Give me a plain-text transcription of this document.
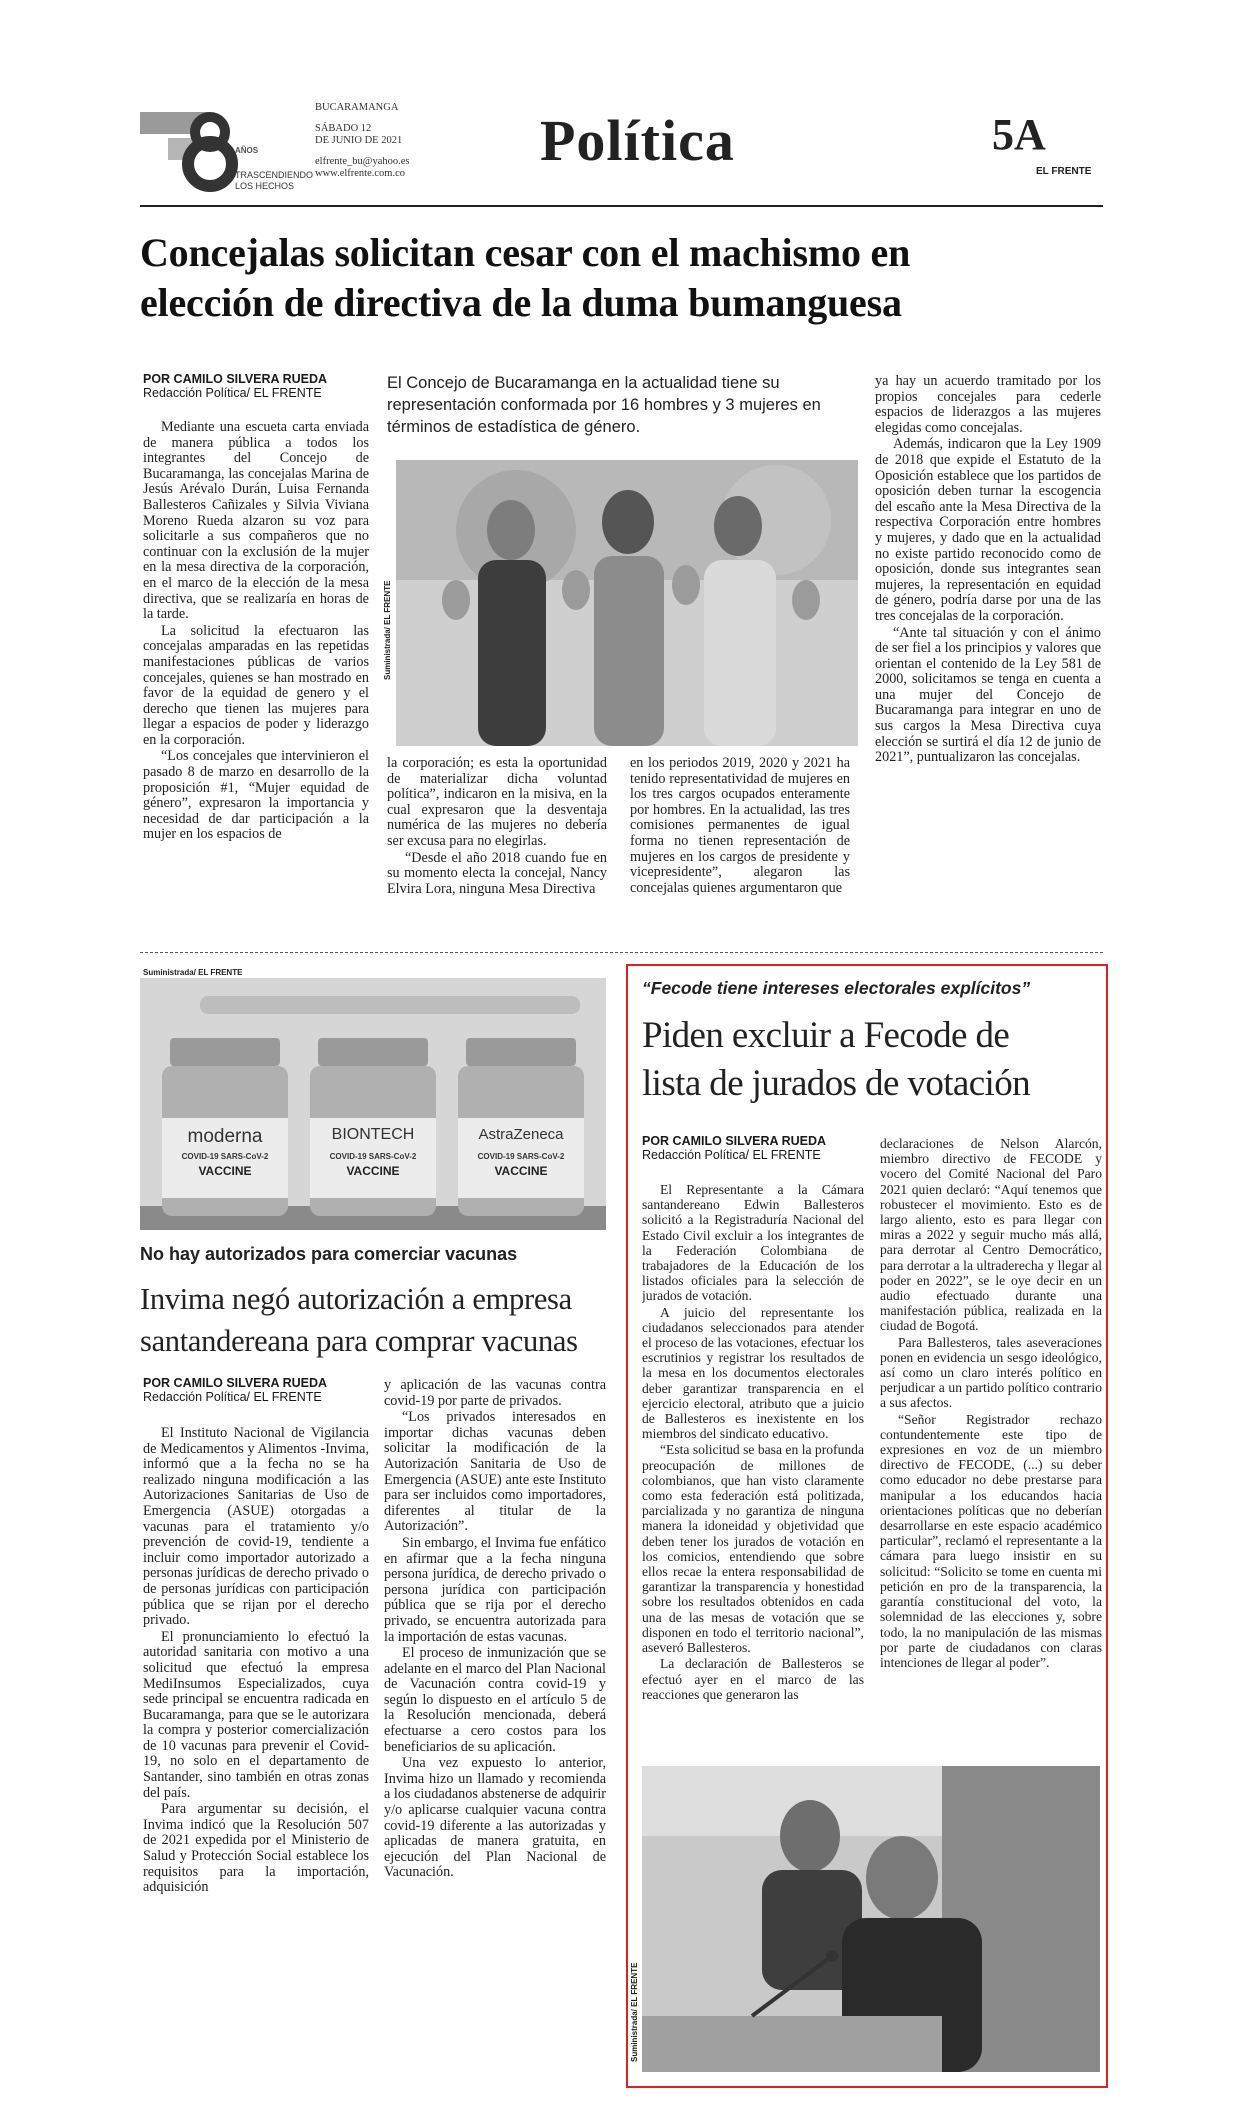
AÑOS
TRASCENDIENDO
LOS HECHOS
BUCARAMANGA
SÁBADO 12
DE JUNIO DE 2021
elfrente_bu@yahoo.es
www.elfrente.com.co
Política	5A
EL FRENTE
Concejalas solicitan cesar con el machismo en
elección de directiva de la duma bumanguesa
POR CAMILO SILVERA RUEDA
Redacción Política/ EL FRENTE

Mediante una escueta carta enviada de manera pública a todos los integrantes del Concejo de Bucaramanga, las concejalas Marina de Jesús Arévalo Durán, Luisa Fernanda Ballesteros Cañizales y Silvia Viviana Moreno Rueda alzaron su voz para solicitarle a sus compañeros que no continuar con la exclusión de la mujer en la mesa directiva de la corporación, en el marco de la elección de la mesa directiva, que se realizaría en horas de la tarde.

La solicitud la efectuaron las concejalas amparadas en las repetidas manifestaciones públicas de varios concejales, quienes se han mostrado en favor de la equidad de genero y el derecho que tienen las mujeres para llegar a espacios de poder y liderazgo en la corporación.

“Los concejales que intervinieron el pasado 8 de marzo en desarrollo de la proposición #1, “Mujer equidad de género”, expresaron la importancia y necesidad de dar participación a la mujer en los espacios de

El Concejo de Bucaramanga en la actualidad tiene su representación conformada por 16 hombres y 3 mujeres en términos de estadística de género.
Suministrada/ EL FRENTE

la corporación; es esta la oportunidad de materializar dicha voluntad política”, indicaron en la misiva, en la cual expresaron que la desventaja numérica de las mujeres no debería ser excusa para no elegirlas.

“Desde el año 2018 cuando fue en su momento electa la concejal, Nancy Elvira Lora, ninguna Mesa Directiva

en los periodos 2019, 2020 y 2021 ha tenido representatividad de mujeres en los tres cargos ocupados enteramente por hombres. En la actualidad, las tres comisiones permanentes de igual forma no tienen representación de mujeres en los cargos de presidente y vicepresidente”, alegaron las concejalas quienes argumentaron que

ya hay un acuerdo tramitado por los propios concejales para cederle espacios de liderazgos a las mujeres elegidas como concejalas.

Además, indicaron que la Ley 1909 de 2018 que expide el Estatuto de la Oposición establece que los partidos de oposición deben turnar la escogencia del escaño ante la Mesa Directiva de la respectiva Corporación entre hombres y mujeres, y dado que en la actualidad no existe partido reconocido como de oposición, donde sus integrantes sean mujeres, la representación en equidad de género, podría darse por una de las tres concejalas de la corporación.

“Ante tal situación y con el ánimo de ser fiel a los principios y valores que orientan el contenido de la Ley 581 de 2000, solicitamos se tenga en cuenta a una mujer del Concejo de Bucaramanga para integrar en uno de sus cargos la Mesa Directiva cuya elección se surtirá el día 12 de junio de 2021”, puntualizaron las concejalas.

moderna
COVID-19 SARS-CoV-2
VACCINE
BIONTECH
COVID-19 SARS-CoV-2
VACCINE
AstraZeneca
COVID-19 SARS-CoV-2
VACCINE
Suministrada/ EL FRENTE
No hay autorizados para comerciar vacunas
Invima negó autorización a empresa
santandereana para comprar vacunas
POR CAMILO SILVERA RUEDA
Redacción Política/ EL FRENTE

El Instituto Nacional de Vigilancia de Medicamentos y Alimentos -Invima, informó que a la fecha no se ha realizado ninguna modificación a las Autorizaciones Sanitarias de Uso de Emergencia (ASUE) otorgadas a vacunas para el tratamiento y/o prevención de covid-19, tendiente a incluir como importador autorizado a personas jurídicas de derecho privado o de personas jurídicas con participación pública que se rijan por el derecho privado.

El pronunciamiento lo efectuó la autoridad sanitaria con motivo a una solicitud que efectuó la empresa MediInsumos Especializados, cuya sede principal se encuentra radicada en Bucaramanga, para que se le autorizara la compra y posterior comercialización de 10 vacunas para prevenir el Covid-19, no solo en el departamento de Santander, sino también en otras zonas del país.

Para argumentar su decisión, el Invima indicó que la Resolución 507 de 2021 expedida por el Ministerio de Salud y Protección Social establece los requisitos para la importación, adquisición

y aplicación de las vacunas contra covid-19 por parte de privados.

“Los privados interesados en importar dichas vacunas deben solicitar la modificación de la Autorización Sanitaria de Uso de Emergencia (ASUE) ante este Instituto para ser incluidos como importadores, diferentes al titular de la Autorización”.

Sin embargo, el Invima fue enfático en afirmar que a la fecha ninguna persona jurídica, de derecho privado o persona jurídica con participación pública que se rija por el derecho privado, se encuentra autorizada para la importación de estas vacunas.

El proceso de inmunización que se adelante en el marco del Plan Nacional de Vacunación contra covid-19 y según lo dispuesto en el artículo 5 de la Resolución mencionada, deberá efectuarse a cero costos para los beneficiarios de su aplicación.

Una vez expuesto lo anterior, Invima hizo un llamado y recomienda a los ciudadanos abstenerse de adquirir y/o aplicarse cualquier vacuna contra covid-19 diferente a las autorizadas y aplicadas de manera gratuita, en ejecución del Plan Nacional de Vacunación.

“Fecode tiene intereses electorales explícitos”
Piden excluir a Fecode de
lista de jurados de votación
POR CAMILO SILVERA RUEDA
Redacción Política/ EL FRENTE

El Representante a la Cámara santandereano Edwin Ballesteros solicitó a la Registraduría Nacional del Estado Civil excluir a los integrantes de la Federación Colombiana de trabajadores de la Educación de los listados oficiales para la selección de jurados de votación.

A juicio del representante los ciudadanos seleccionados para atender el proceso de las votaciones, efectuar los escrutinios y registrar los resultados de la mesa en los documentos electorales deber garantizar transparencia en el ejercicio electoral, atributo que a juicio de Ballesteros es inexistente en los miembros del sindicato educativo.

“Esta solicitud se basa en la profunda preocupación de millones de colombianos, que han visto claramente como esta federación está politizada, parcializada y no garantiza de ninguna manera la idoneidad y objetividad que deben tener los jurados de votación en los comicios, entendiendo que sobre ellos recae la entera responsabilidad de garantizar la transparencia y honestidad sobre los resultados obtenidos en cada una de las mesas de votación que se disponen en todo el territorio nacional”, aseveró Ballesteros.

La declaración de Ballesteros se efectuó ayer en el marco de las reacciones que generaron las

declaraciones de Nelson Alarcón, miembro directivo de FECODE y vocero del Comité Nacional del Paro 2021 quien declaró: “Aquí tenemos que robustecer el movimiento. Esto es de largo aliento, esto es para llegar con miras a 2022 y seguir mucho más allá, para derrotar al Centro Democrático, para derrotar a la ultraderecha y llegar al poder en 2022”, se le oye decir en un audio efectuado durante una manifestación pública, realizada en la ciudad de Bogotá.

Para Ballesteros, tales aseveraciones ponen en evidencia un sesgo ideológico, así como un claro interés político en perjudicar a un partido político contrario a sus afectos.

“Señor Registrador rechazo contundentemente este tipo de expresiones en voz de un miembro directivo de FECODE, (...) su deber como educador no debe prestarse para manipular a los educandos hacia orientaciones políticas que no deberían desarrollarse en este espacio académico particular”, reclamó el representante a la cámara para luego insistir en su solicitud: “Solicito se tome en cuenta mi petición en pro de la transparencia, la garantía constitucional del voto, la solemnidad de las elecciones y, sobre todo, la no manipulación de las mismas por parte de ciudadanos con claras intenciones de llegar al poder”.

Suministrada/ EL FRENTE
